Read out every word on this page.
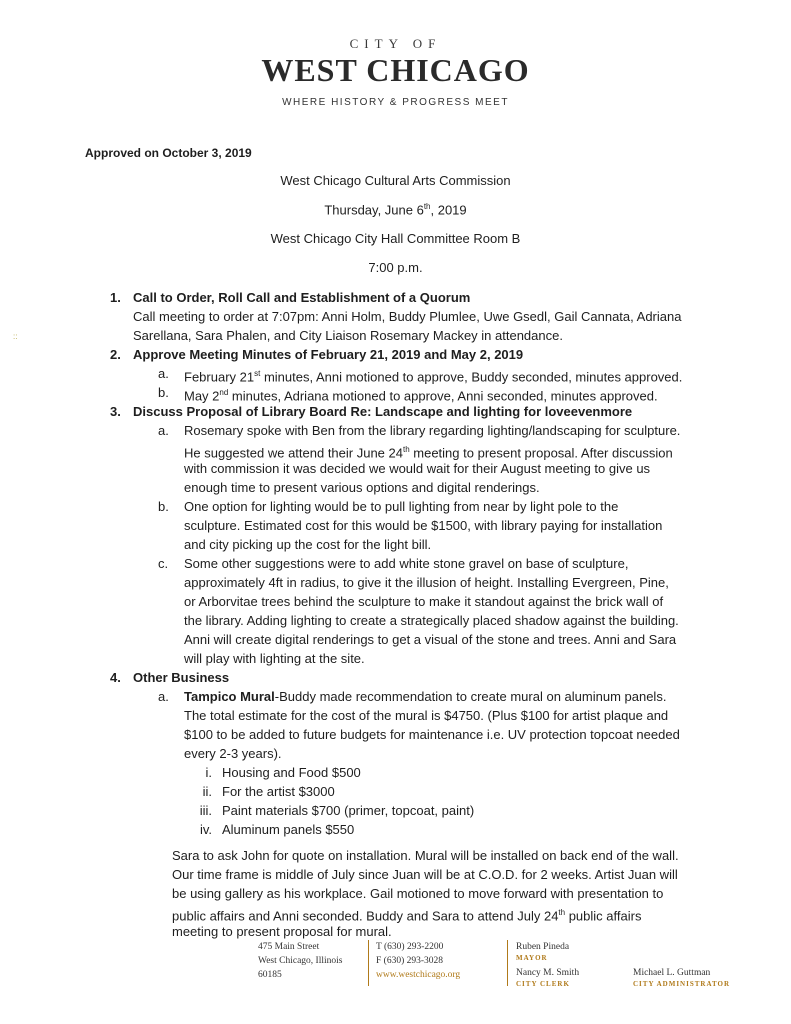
CITY OF
WEST CHICAGO
WHERE HISTORY & PROGRESS MEET
Approved on October 3, 2019
West Chicago Cultural Arts Commission
Thursday, June 6th, 2019
West Chicago City Hall Committee Room B
7:00 p.m.
::
1. Call to Order, Roll Call and Establishment of a Quorum
Call meeting to order at 7:07pm: Anni Holm, Buddy Plumlee, Uwe Gsedl, Gail Cannata, Adriana
Sarellana, Sara Phalen, and City Liaison Rosemary Mackey in attendance.
2. Approve Meeting Minutes of February 21, 2019 and May 2, 2019
a. February 21st minutes, Anni motioned to approve, Buddy seconded, minutes approved.
b. May 2nd minutes, Adriana motioned to approve, Anni seconded, minutes approved.
3. Discuss Proposal of Library Board Re: Landscape and lighting for loveevenmore
a. Rosemary spoke with Ben from the library regarding lighting/landscaping for sculpture.
He suggested we attend their June 24th meeting to present proposal. After discussion
with commission it was decided we would wait for their August meeting to give us
enough time to present various options and digital renderings.
b. One option for lighting would be to pull lighting from near by light pole to the
sculpture. Estimated cost for this would be $1500, with library paying for installation
and city picking up the cost for the light bill.
c. Some other suggestions were to add white stone gravel on base of sculpture,
approximately 4ft in radius, to give it the illusion of height. Installing Evergreen, Pine,
or Arborvitae trees behind the sculpture to make it standout against the brick wall of
the library. Adding lighting to create a strategically placed shadow against the building.
Anni will create digital renderings to get a visual of the stone and trees. Anni and Sara
will play with lighting at the site.
4. Other Business
a. Tampico Mural-Buddy made recommendation to create mural on aluminum panels.
The total estimate for the cost of the mural is $4750. (Plus $100 for artist plaque and
$100 to be added to future budgets for maintenance i.e. UV protection topcoat needed
every 2-3 years).
i. Housing and Food $500
ii. For the artist $3000
iii. Paint materials $700 (primer, topcoat, paint)
iv. Aluminum panels $550
Sara to ask John for quote on installation. Mural will be installed on back end of the wall.
Our time frame is middle of July since Juan will be at C.O.D. for 2 weeks. Artist Juan will
be using gallery as his workplace. Gail motioned to move forward with presentation to
public affairs and Anni seconded. Buddy and Sara to attend July 24th public affairs
meeting to present proposal for mural.
475 Main Street
West Chicago, Illinois
60185
T (630) 293-2200
F (630) 293-3028
www.westchicago.org
Ruben Pineda
MAYOR
Nancy M. Smith
CITY CLERK
Michael L. Guttman
CITY ADMINISTRATOR
